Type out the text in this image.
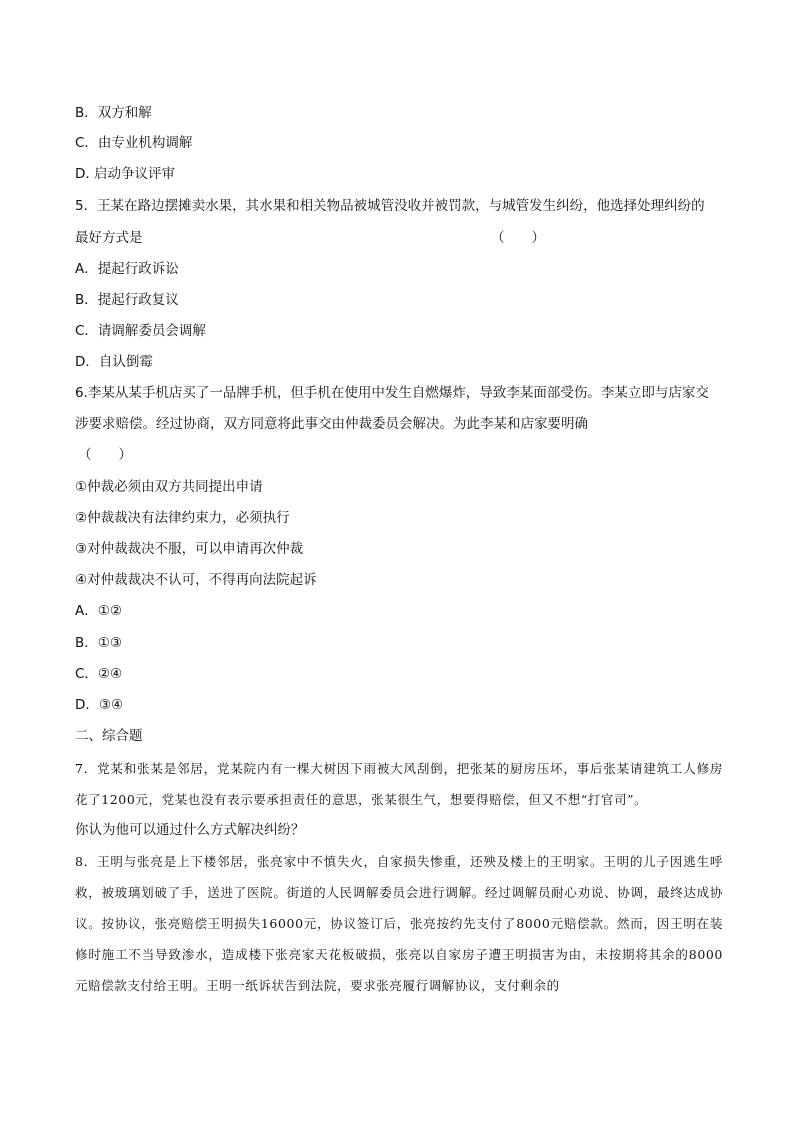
B．双方和解
C．由专业机构调解
D. 启动争议评审
5．王某在路边摆摊卖水果，其水果和相关物品被城管没收并被罚款，与城管发生纠纷，他选择处理纠纷的
最好方式是	（　　）
A．提起行政诉讼
B．提起行政复议
C．请调解委员会调解
D．自认倒霉
6.李某从某手机店买了一品牌手机，但手机在使用中发生自燃爆炸，导致李某面部受伤。李某立即与店家交
涉要求赔偿。经过协商，双方同意将此事交由仲裁委员会解决。为此李某和店家要明确
（　　）
①仲裁必须由双方共同提出申请
②仲裁裁决有法律约束力，必须执行
③对仲裁裁决不服，可以申请再次仲裁
④对仲裁裁决不认可，不得再向法院起诉
A．①②
B．①③
C．②④
D．③④
二、综合题
7．党某和张某是邻居，党某院内有一棵大树因下雨被大风刮倒，把张某的厨房压坏，事后张某请建筑工人修房花了1200元，党某也没有表示要承担责任的意思，张某很生气，想要得赔偿，但又不想“打官司”。
你认为他可以通过什么方式解决纠纷？
8．王明与张亮是上下楼邻居，张亮家中不慎失火，自家损失惨重，还殃及楼上的王明家。王明的儿子因逃生呼救，被玻璃划破了手，送进了医院。街道的人民调解委员会进行调解。经过调解员耐心劝说、协调，最终达成协议。按协议，张亮赔偿王明损失16000元，协议签订后，张亮按约先支付了8000元赔偿款。然而，因王明在装修时施工不当导致渗水，造成楼下张亮家天花板破损，张亮以自家房子遭王明损害为由，未按期将其余的8000元赔偿款支付给王明。王明一纸诉状告到法院，要求张亮履行调解协议，支付剩余的
